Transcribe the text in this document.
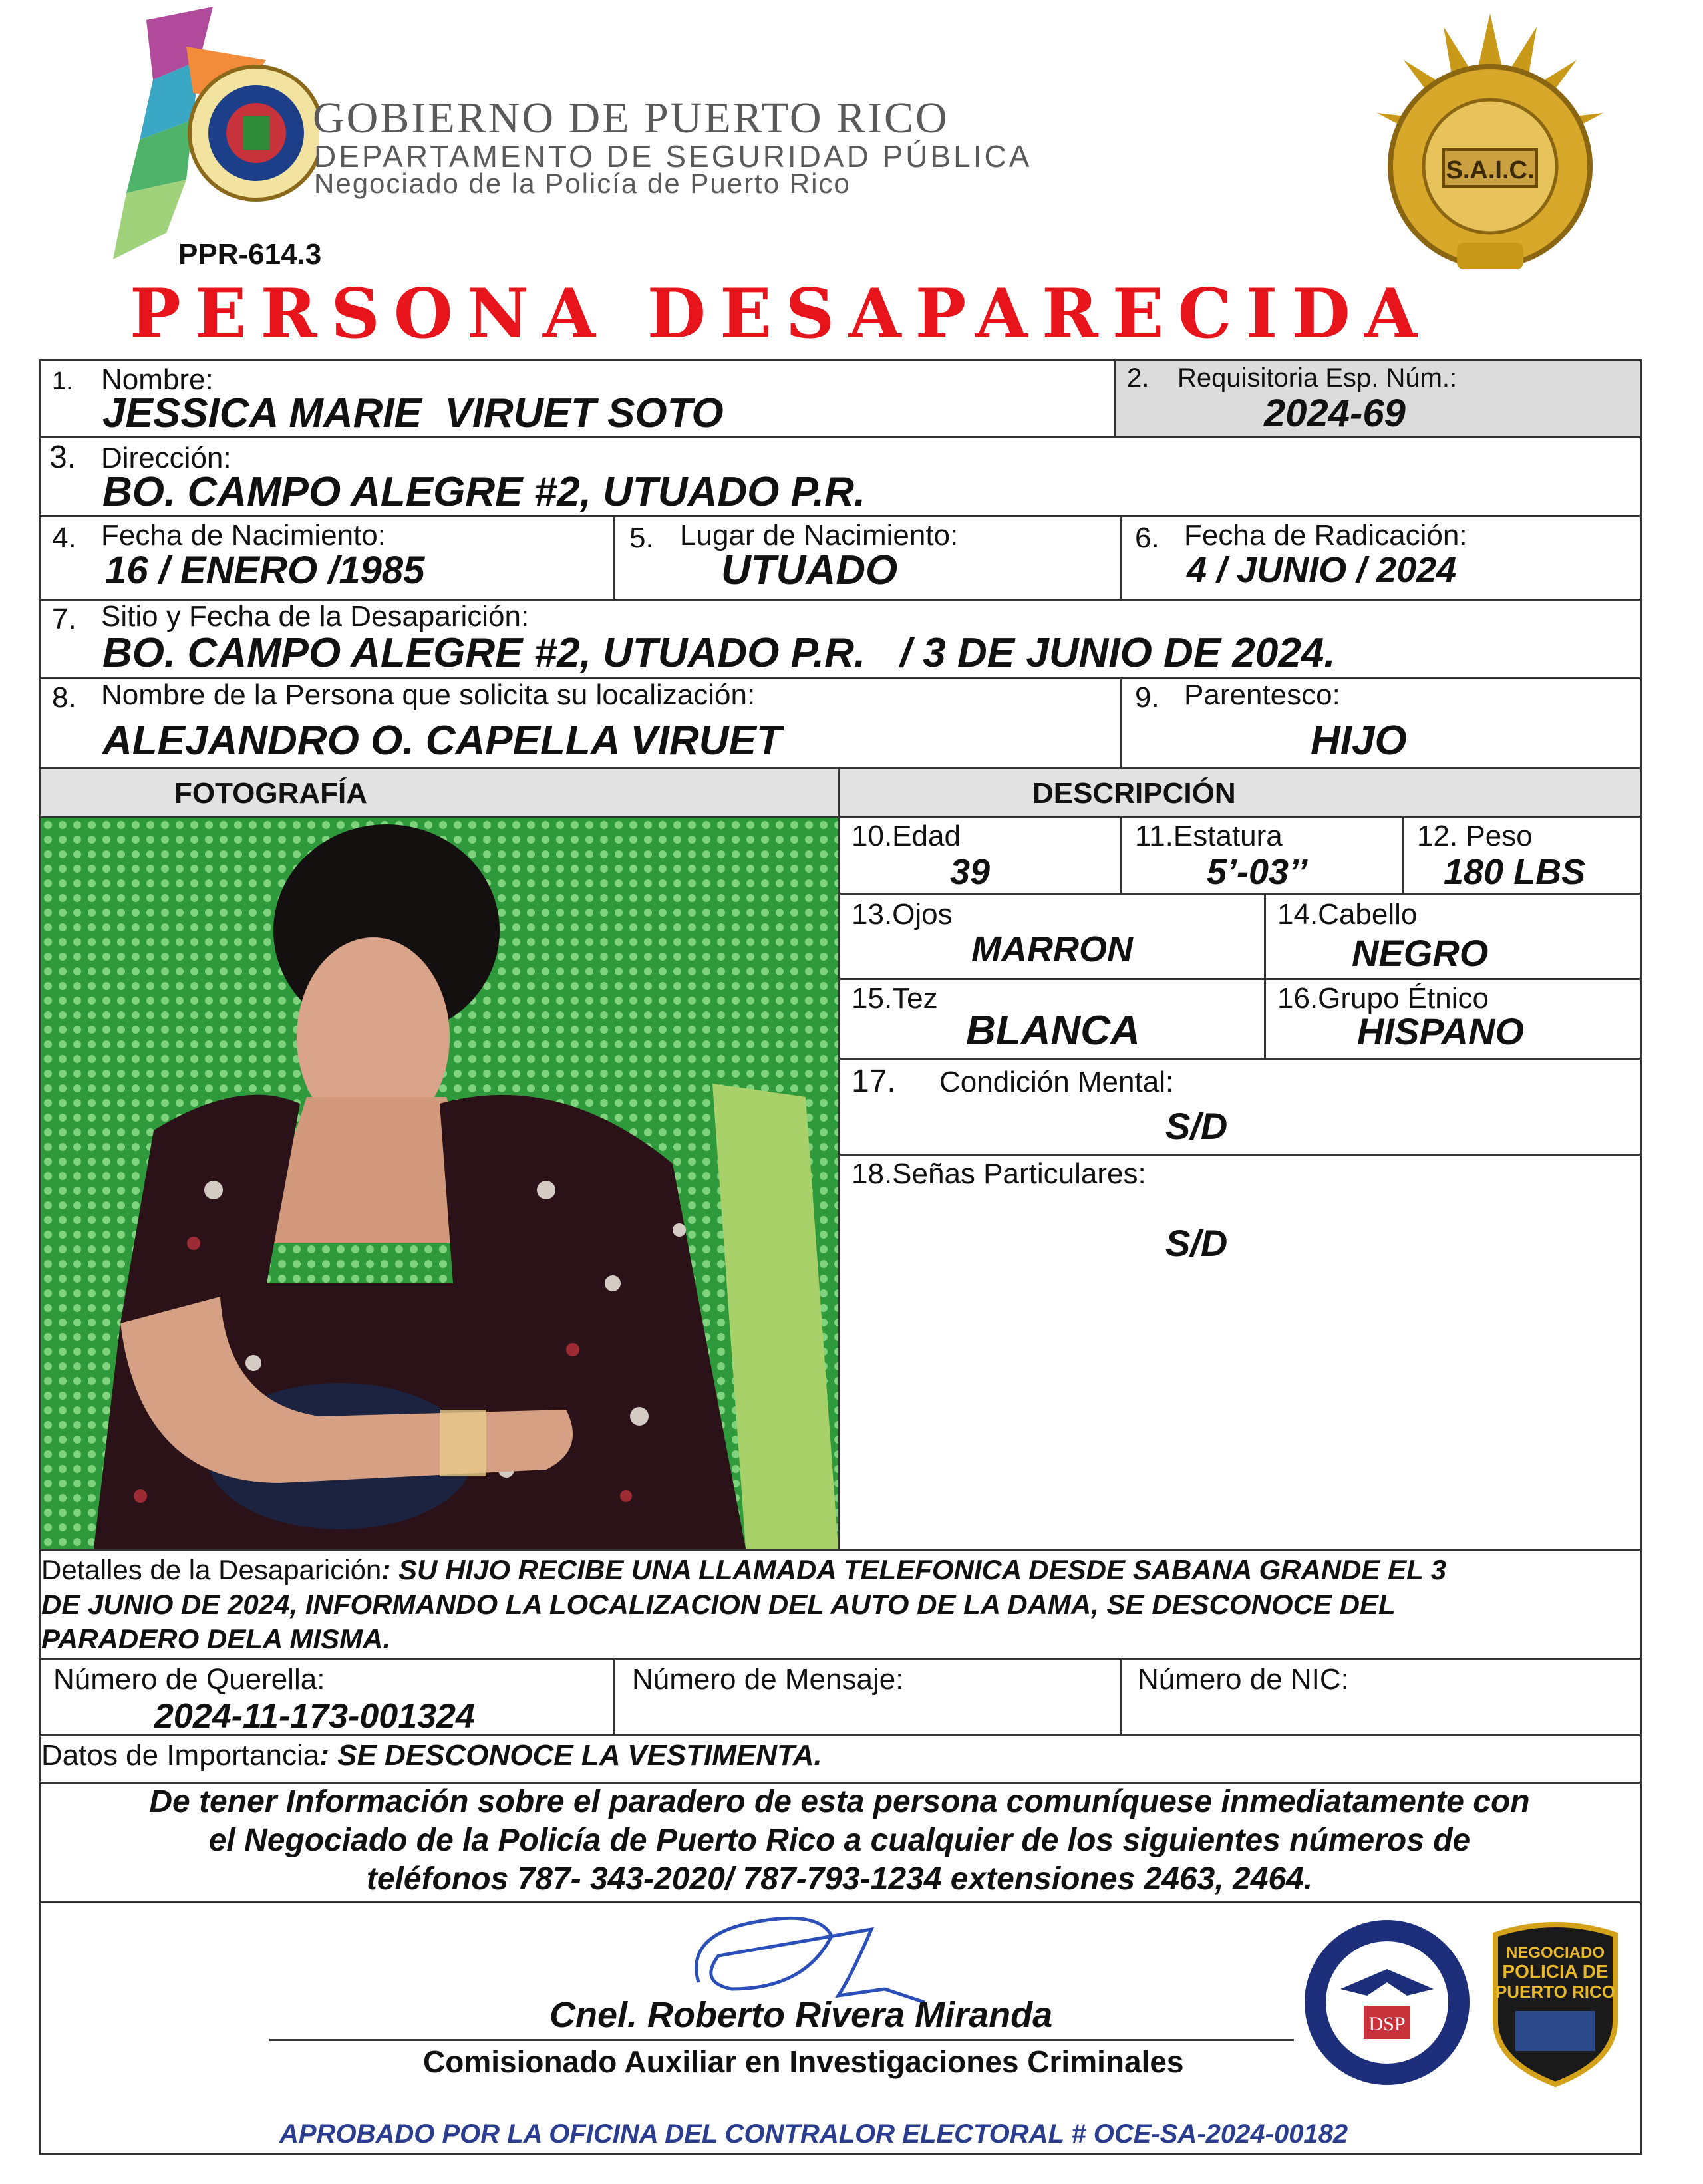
GOBIERNO DE PUERTO RICO
DEPARTAMENTO DE SEGURIDAD PÚBLICA
Negociado de la Policía de Puerto Rico
PPR-614.3
S.A.I.C.
PERSONA DESAPARECIDA
1. Nombre:
JESSICA MARIE  VIRUET SOTO
2. Requisitoria Esp. Núm.:
2024-69
3. Dirección:
BO. CAMPO ALEGRE #2, UTUADO P.R.
4. Fecha de Nacimiento:
16 / ENERO /1985
5. Lugar de Nacimiento:
UTUADO
6. Fecha de Radicación:
4 / JUNIO / 2024
7. Sitio y Fecha de la Desaparición:
BO. CAMPO ALEGRE #2, UTUADO P.R.   / 3 DE JUNIO DE 2024.
8. Nombre de la Persona que solicita su localización:
ALEJANDRO O. CAPELLA VIRUET
9. Parentesco:
HIJO
FOTOGRAFÍA	DESCRIPCIÓN
10.Edad
39
11.Estatura
5’-03’’
12. Peso
180 LBS
13.Ojos
MARRON
14.Cabello
NEGRO
15.Tez
BLANCA
16.Grupo Étnico
HISPANO
17. Condición Mental:
S/D
18.Señas Particulares:
S/D
Detalles de la Desaparición: SU HIJO RECIBE UNA LLAMADA TELEFONICA DESDE SABANA GRANDE EL 3
DE JUNIO DE 2024, INFORMANDO LA LOCALIZACION DEL AUTO DE LA DAMA, SE DESCONOCE DEL
PARADERO DELA MISMA.
Número de Querella:
2024-11-173-001324
Número de Mensaje:	Número de NIC:
Datos de Importancia: SE DESCONOCE LA VESTIMENTA.
De tener Información sobre el paradero de esta persona comuníquese inmediatamente con
el Negociado de la Policía de Puerto Rico a cualquier de los siguientes números de
teléfonos 787- 343-2020/ 787-793-1234 extensiones 2463, 2464.
Cnel. Roberto Rivera Miranda
Comisionado Auxiliar en Investigaciones Criminales
DSP
NEGOCIADO
POLICIA DE
PUERTO RICO
APROBADO POR LA OFICINA DEL CONTRALOR ELECTORAL # OCE-SA-2024-00182
